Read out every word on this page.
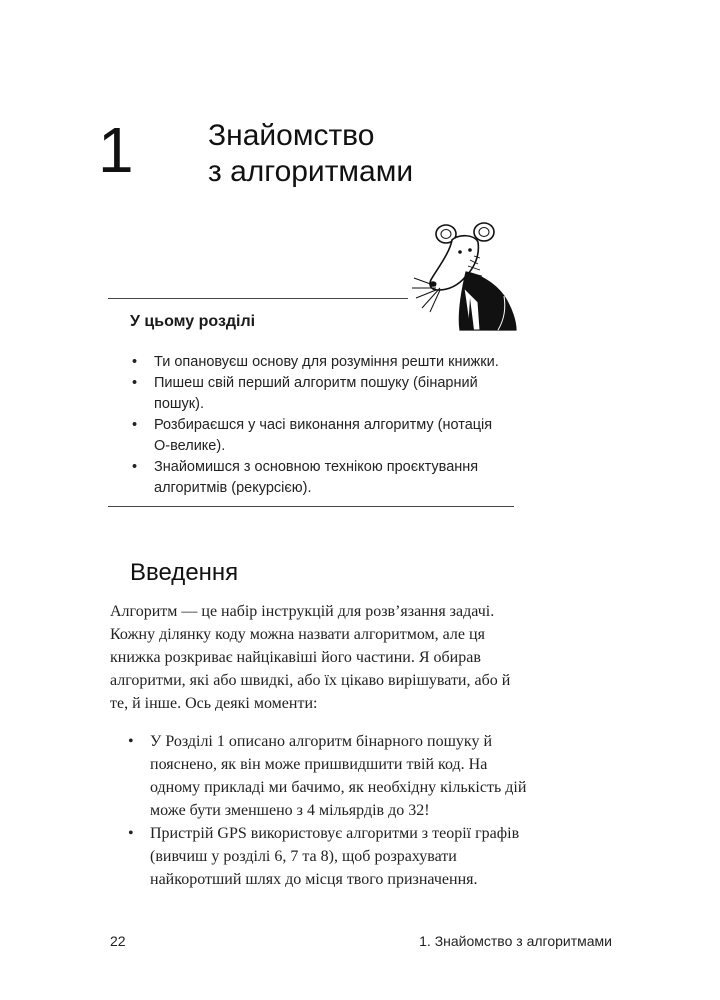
1 Знайомство
з алгоритмами
У цьому розділі
• Ти опановуєш основу для розуміння решти книжки.
• Пишеш свій перший алгоритм пошуку (бінарний пошук).
• Розбираєшся у часі виконання алгоритму (нотація О-велике).
• Знайомишся з основною технікою проєктування алгоритмів (рекурсією).
Введення

Алгоритм — це набір інструкцій для розв’язання задачі. Кожну ділянку коду можна назвати алгоритмом, але ця книжка розкриває найцікавіші його частини. Я обирав алгоритми, які або швидкі, або їх цікаво вирішувати, або й те, й інше. Ось деякі моменти:

• У Розділі 1 описано алгоритм бінарного пошуку й пояснено, як він може пришвидшити твій код. На одному прикладі ми бачимо, як необхідну кількість дій може бути зменшено з 4 мільярдів до 32!
• Пристрій GPS використовує алгоритми з теорії графів (вивчиш у розділі 6, 7 та 8), щоб розрахувати найкоротший шлях до місця твого призначення.
22	1. Знайомство з алгоритмами
